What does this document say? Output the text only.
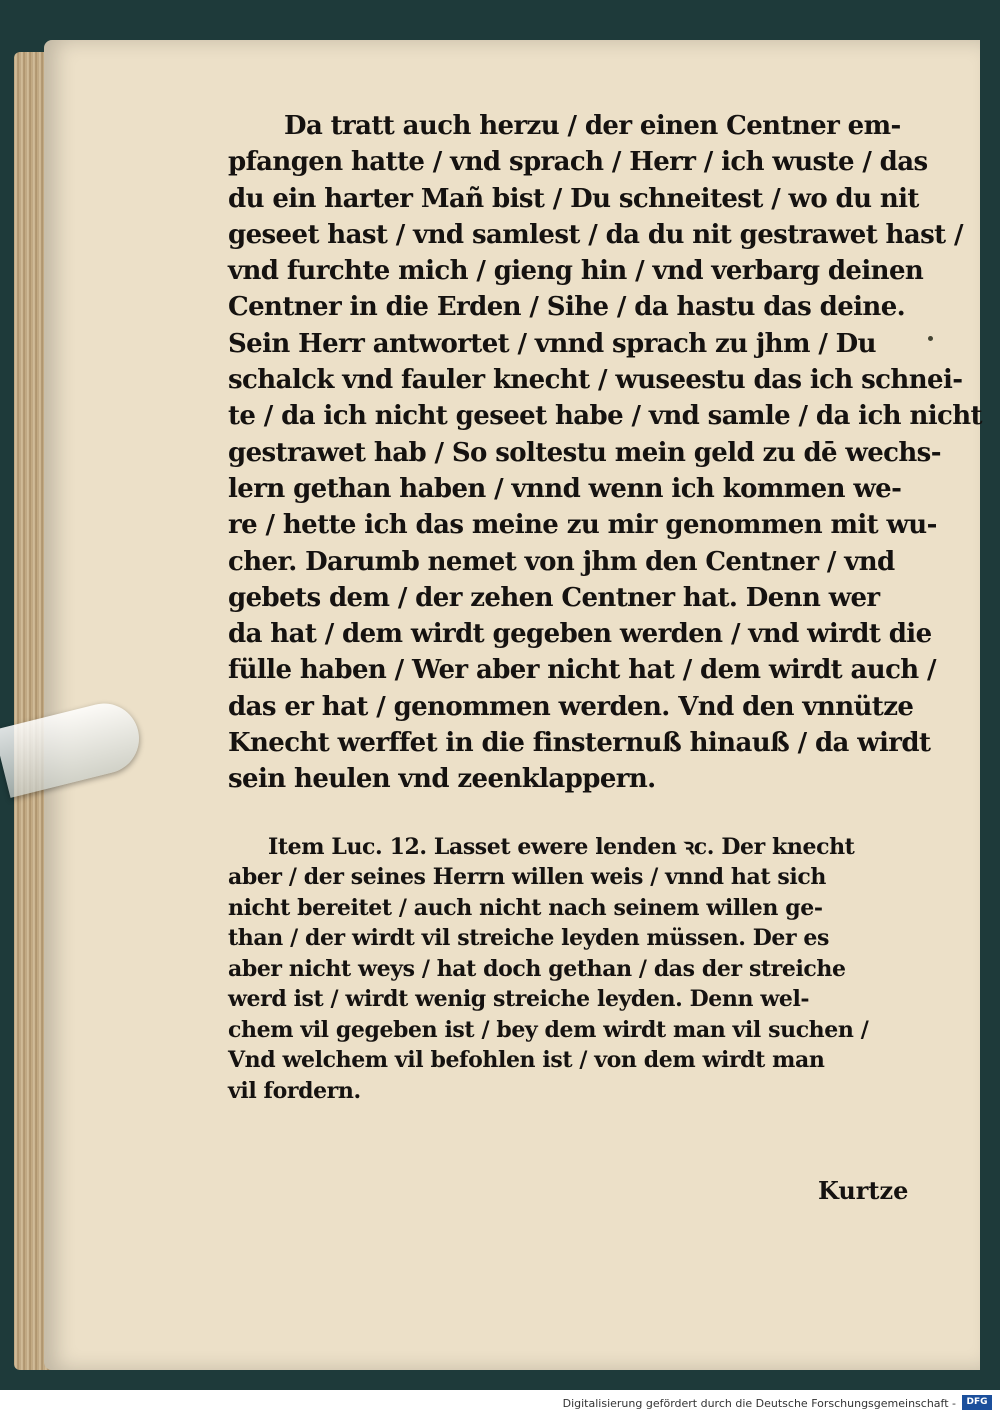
Da tratt auch herzu / der einen Centner em-
pfangen hatte / vnd sprach / Herr / ich wuste / das
du ein harter Mañ bist / Du schneitest / wo du nit
geseet hast / vnd samlest / da du nit gestrawet hast /
vnd furchte mich / gieng hin / vnd verbarg deinen
Centner in die Erden / Sihe / da hastu das deine.
Sein Herr antwortet / vnnd sprach zu jhm / Du
schalck vnd fauler knecht / wuseestu das ich schnei-
te / da ich nicht geseet habe / vnd samle / da ich nicht
gestrawet hab / So soltestu mein geld zu dē wechs-
lern gethan haben / vnnd wenn ich kommen we-
re / hette ich das meine zu mir genommen mit wu-
cher. Darumb nemet von jhm den Centner / vnd
gebets dem / der zehen Centner hat. Denn wer
da hat / dem wirdt gegeben werden / vnd wirdt die
fülle haben / Wer aber nicht hat / dem wirdt auch /
das er hat / genommen werden. Vnd den vnnütze
Knecht werffet in die finsternuß hinauß / da wirdt
sein heulen vnd zeenklappern.
Item Luc. 12. Lasset ewere lenden ꝛc. Der knecht
aber / der seines Herrn willen weis / vnnd hat sich
nicht bereitet / auch nicht nach seinem willen ge-
than / der wirdt vil streiche leyden müssen. Der es
aber nicht weys / hat doch gethan / das der streiche
werd ist / wirdt wenig streiche leyden. Denn wel-
chem vil gegeben ist / bey dem wirdt man vil suchen /
Vnd welchem vil befohlen ist / von dem wirdt man
vil fordern.
Kurtze
Digitalisierung gefördert durch die Deutsche Forschungsgemeinschaft -	DFG
